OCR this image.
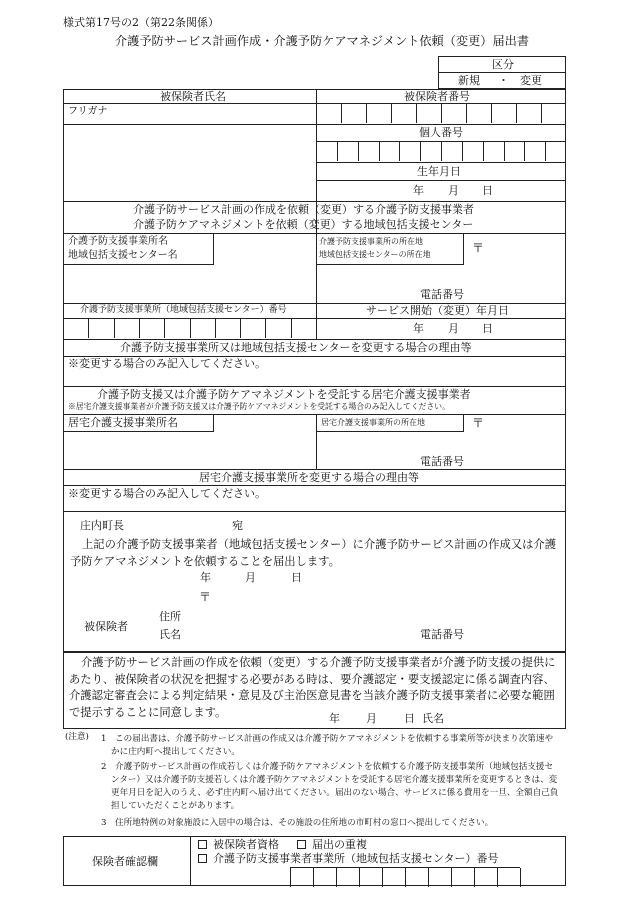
様式第17号の2（第22条関係）
介護予防サービス計画作成・介護予防ケアマネジメント依頼（変更）届出書
区分
新規 ・ 変更
被保険者氏名	被保険者番号
フリガナ
個人番号
生年月日
年 月 日
介護予防サービス計画の作成を依頼（変更）する介護予防支援事業者
介護予防ケアマネジメントを依頼（変更）する地域包括支援センター
介護予防支援事業所名
地域包括支援センター名
介護予防支援事業所の所在地
地域包括支援センターの所在地	〒
電話番号
介護予防支援事業所（地域包括支援センター）番号	サービス開始（変更）年月日
年 月 日
介護予防支援事業所又は地域包括支援センターを変更する場合の理由等
※変更する場合のみ記入してください。
介護予防支援又は介護予防ケアマネジメントを受託する居宅介護支援事業者
※居宅介護支援事業者が介護予防支援又は介護予防ケアマネジメントを受託する場合のみ記入してください。
居宅介護支援事業所名	居宅介護支援事業所の所在地	〒
電話番号
居宅介護支援事業所を変更する場合の理由等
※変更する場合のみ記入してください。
庄内町長	宛
上記の介護予防支援事業者（地域包括支援センター）に介護予防サービス計画の作成又は介護予防ケアマネジメントを依頼することを届出します。
年	月	日
〒
被保険者
住所
氏名	電話番号
介護予防サービス計画の作成を依頼（変更）する介護予防支援事業者が介護予防支援の提供にあたり、被保険者の状況を把握する必要がある時は、要介護認定・要支援認定に係る調査内容、介護認定審査会による判定結果・意見及び主治医意見書を当該介護予防支援事業者に必要な範囲で提示することに同意します。	年 月 日 氏名
(注意) 1　この届出書は、介護予防サービス計画の作成又は介護予防ケアマネジメントを依頼する事業所等が決まり次第速やかに庄内町へ提出してください。
2　介護予防サービス計画の作成若しくは介護予防ケアマネジメントを依頼する介護予防支援事業所（地域包括支援センター）又は介護予防支援若しくは介護予防ケアマネジメントを受託する居宅介護支援事業所を変更するときは、変更年月日を記入のうえ、必ず庄内町へ届け出てください。届出のない場合、サービスに係る費用を一旦、全額自己負担していただくことがあります。
3　住所地特例の対象施設に入居中の場合は、その施設の住所地の市町村の窓口へ提出してください。
保険者確認欄
被保険者資格	届出の重複
介護予防支援事業者事業所（地域包括支援センター）番号
